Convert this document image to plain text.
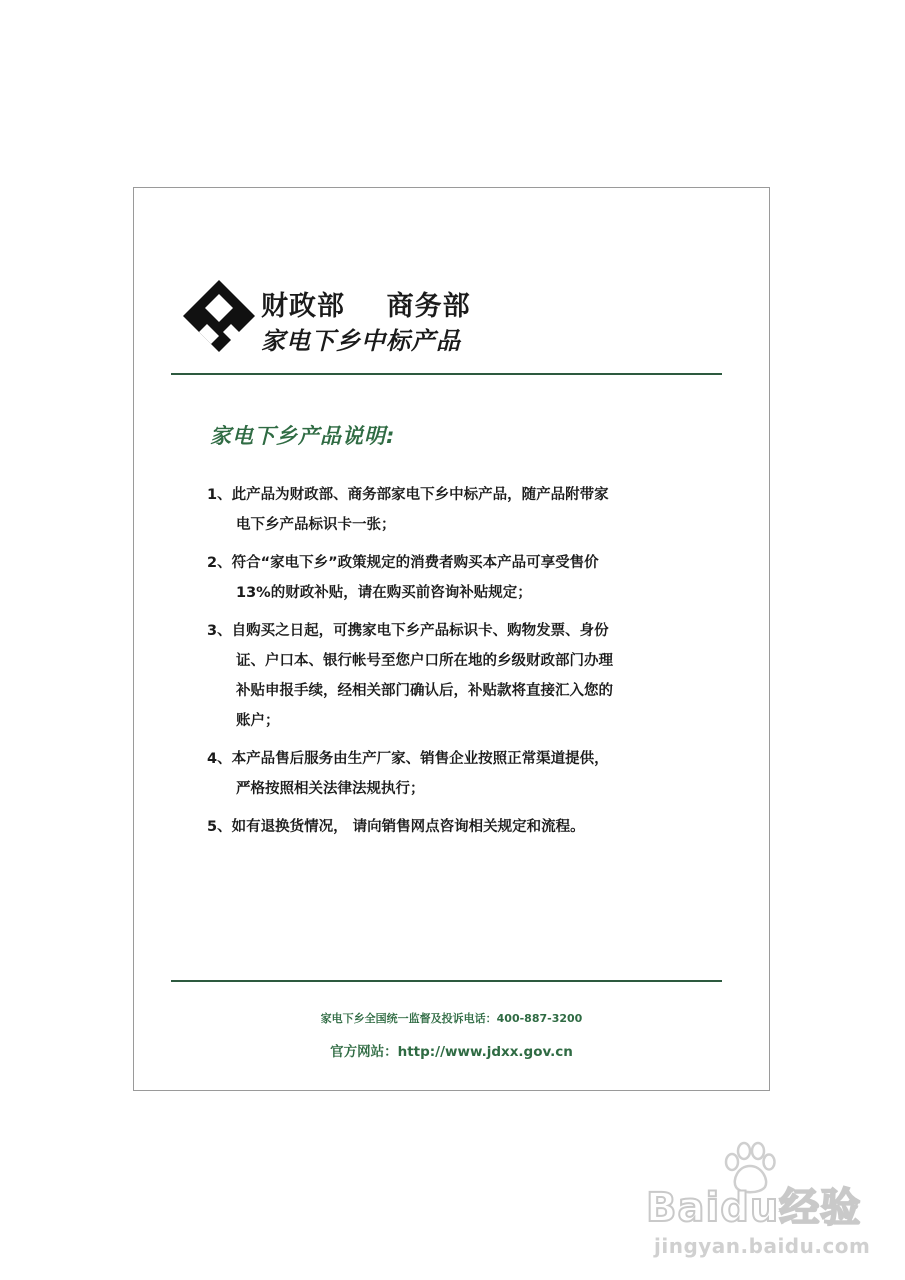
财政部    商务部
家电下乡中标产品
家电下乡产品说明:
1、此产品为财政部、商务部家电下乡中标产品，随产品附带家
电下乡产品标识卡一张；
2、符合“家电下乡”政策规定的消费者购买本产品可享受售价
13%的财政补贴，请在购买前咨询补贴规定；
3、自购买之日起，可携家电下乡产品标识卡、购物发票、身份
证、户口本、银行帐号至您户口所在地的乡级财政部门办理
补贴申报手续，经相关部门确认后，补贴款将直接汇入您的
账户；
4、本产品售后服务由生产厂家、销售企业按照正常渠道提供，
严格按照相关法律法规执行；
5、如有退换货情况， 请向销售网点咨询相关规定和流程。
家电下乡全国统一监督及投诉电话：400-887-3200
官方网站：http://www.jdxx.gov.cn
Baidu经验
jingyan.baidu.com
